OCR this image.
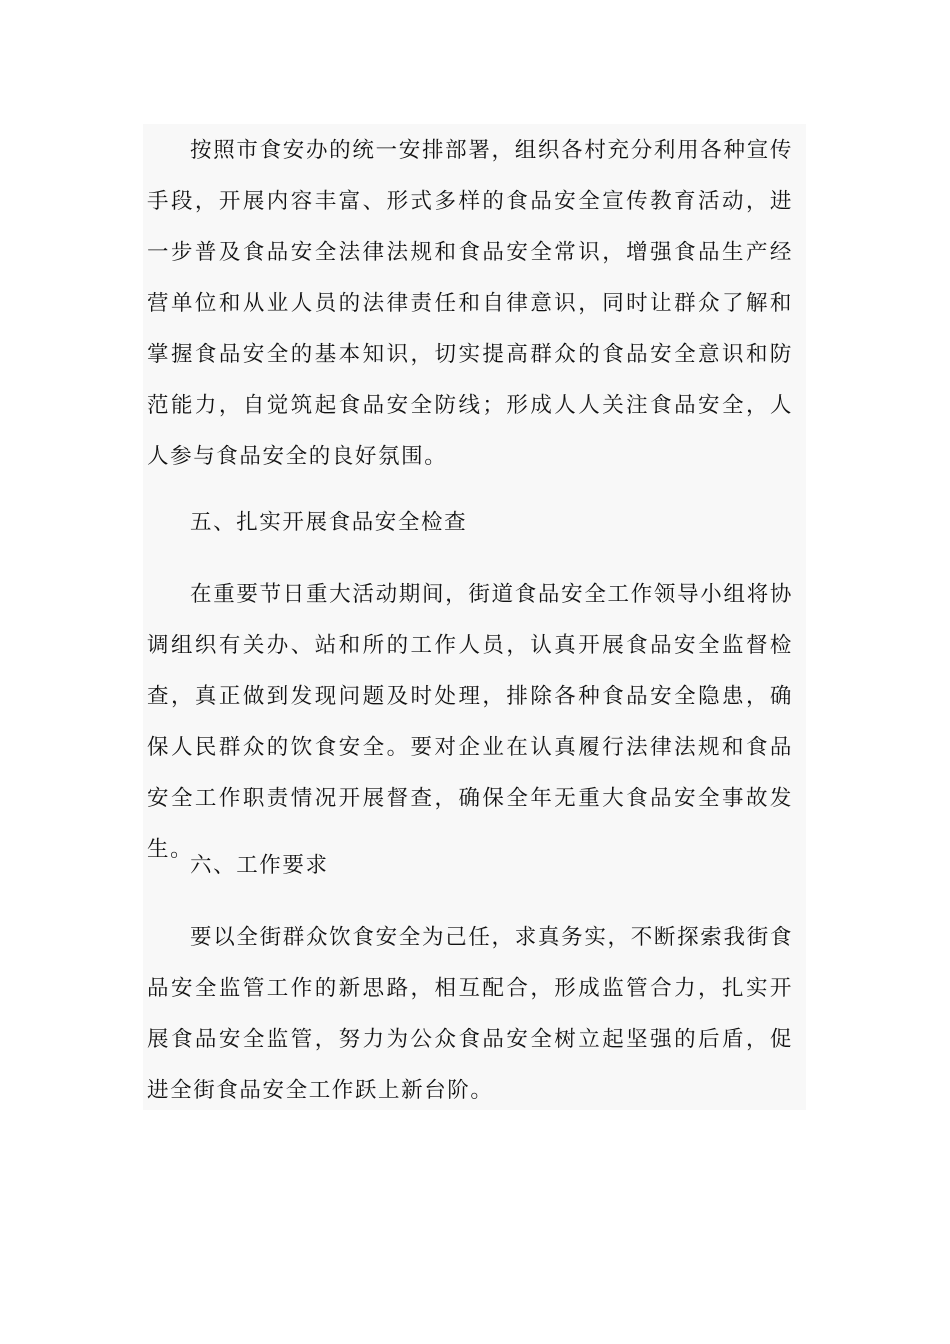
按照市食安办的统一安排部署，组织各村充分利用各种宣传手段，开展内容丰富、形式多样的食品安全宣传教育活动，进一步普及食品安全法律法规和食品安全常识，增强食品生产经营单位和从业人员的法律责任和自律意识，同时让群众了解和掌握食品安全的基本知识，切实提高群众的食品安全意识和防范能力，自觉筑起食品安全防线；形成人人关注食品安全，人人参与食品安全的良好氛围。

五、扎实开展食品安全检查

在重要节日重大活动期间，街道食品安全工作领导小组将协调组织有关办、站和所的工作人员，认真开展食品安全监督检查，真正做到发现问题及时处理，排除各种食品安全隐患，确保人民群众的饮食安全。要对企业在认真履行法律法规和食品安全工作职责情况开展督查，确保全年无重大食品安全事故发生。

六、工作要求

要以全街群众饮食安全为己任，求真务实，不断探索我街食品安全监管工作的新思路，相互配合，形成监管合力，扎实开展食品安全监管，努力为公众食品安全树立起坚强的后盾，促进全街食品安全工作跃上新台阶。
